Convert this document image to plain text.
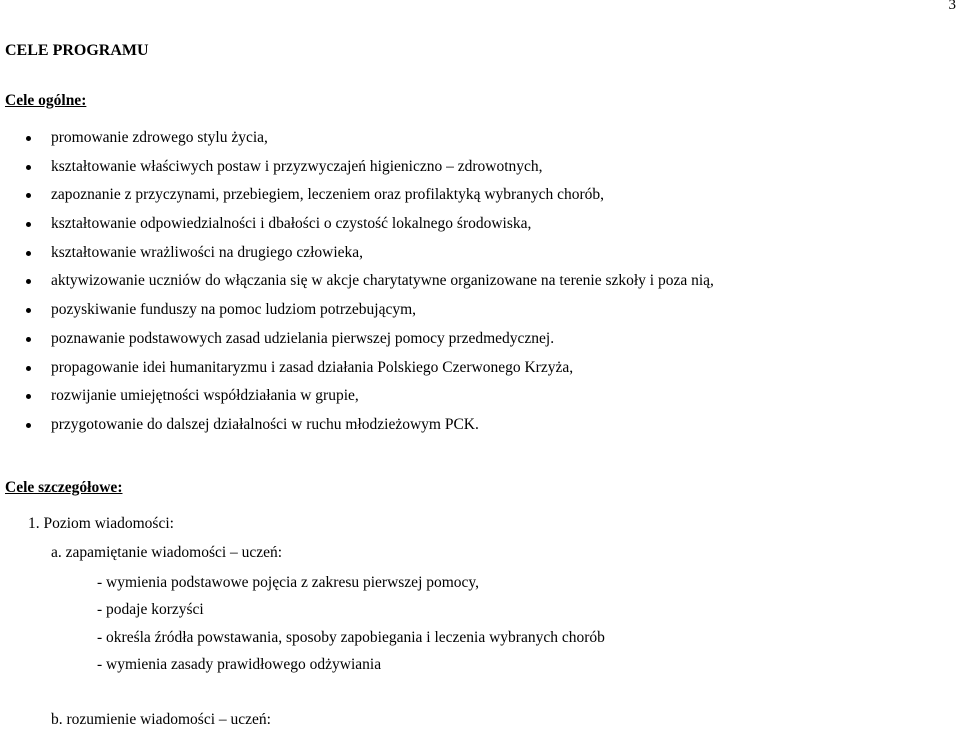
3
CELE PROGRAMU
Cele ogólne:
promowanie zdrowego stylu życia,
kształtowanie właściwych postaw i przyzwyczajeń higieniczno – zdrowotnych,
zapoznanie z przyczynami, przebiegiem, leczeniem oraz profilaktyką wybranych chorób,
kształtowanie odpowiedzialności i dbałości o czystość lokalnego środowiska,
kształtowanie wrażliwości na drugiego człowieka,
aktywizowanie uczniów do włączania się w akcje charytatywne organizowane na terenie szkoły i poza nią,
pozyskiwanie funduszy na pomoc ludziom potrzebującym,
poznawanie podstawowych zasad udzielania pierwszej pomocy przedmedycznej.
propagowanie idei humanitaryzmu i zasad działania Polskiego Czerwonego Krzyża,
rozwijanie umiejętności współdziałania w grupie,
przygotowanie do dalszej działalności w ruchu młodzieżowym PCK.
Cele szczegółowe:
1. Poziom wiadomości:
a. zapamiętanie wiadomości – uczeń:
- wymienia podstawowe pojęcia z zakresu pierwszej pomocy,
- podaje korzyści
- określa źródła powstawania, sposoby zapobiegania i leczenia wybranych chorób
- wymienia zasady prawidłowego odżywiania
b. rozumienie wiadomości – uczeń:
